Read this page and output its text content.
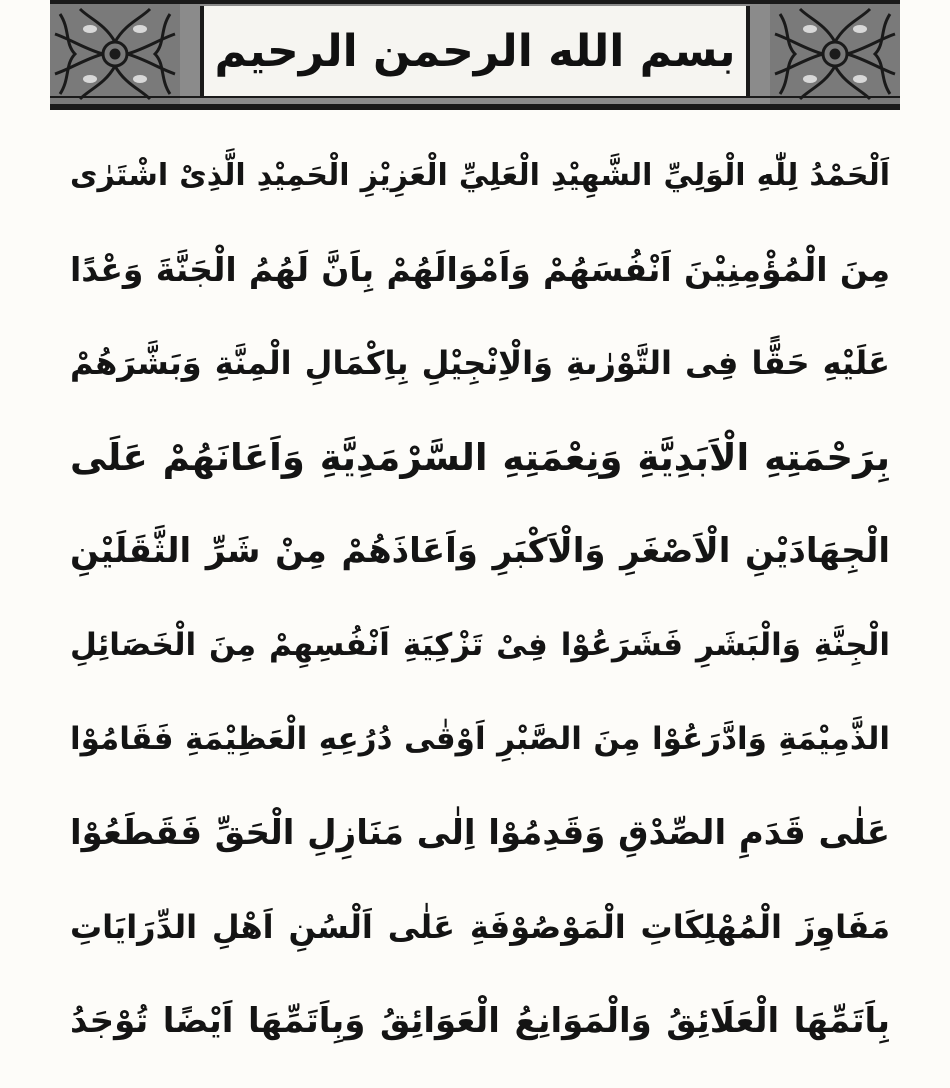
بسم الله الرحمن الرحيم
اَلْحَمْدُ لِلّٰهِ الْوَلِيِّ الشَّهِيْدِ الْعَلِيِّ الْعَزِيْزِ الْحَمِيْدِ الَّذِیْ اشْتَرٰی
مِنَ الْمُؤْمِنِيْنَ اَنْفُسَهُمْ وَاَمْوَالَهُمْ بِاَنَّ لَهُمُ الْجَنَّةَ وَعْدًا
عَلَيْهِ حَقًّا فِی التَّوْرٰىةِ وَالْاِنْجِيْلِ بِاِكْمَالِ الْمِنَّةِ وَبَشَّرَهُمْ
بِرَحْمَتِهِ الْاَبَدِيَّةِ وَنِعْمَتِهِ السَّرْمَدِيَّةِ وَاَعَانَهُمْ عَلَى
الْجِهَادَيْنِ الْاَصْغَرِ وَالْاَكْبَرِ وَاَعَاذَهُمْ مِنْ شَرِّ الثَّقَلَيْنِ
الْجِنَّةِ وَالْبَشَرِ فَشَرَعُوْا فِیْ تَزْكِيَةِ اَنْفُسِهِمْ مِنَ الْخَصَائِلِ
الذَّمِيْمَةِ وَادَّرَعُوْا مِنَ الصَّبْرِ اَوْقٰی دُرُعِهِ الْعَظِيْمَةِ فَقَامُوْا
عَلٰی قَدَمِ الصِّدْقِ وَقَدِمُوْا اِلٰی مَنَازِلِ الْحَقِّ فَقَطَعُوْا
مَفَاوِزَ الْمُهْلِكَاتِ الْمَوْصُوْفَةِ عَلٰی اَلْسُنِ اَهْلِ الدِّرَايَاتِ
بِاَتَمِّهَا الْعَلَائِقُ وَالْمَوَانِعُ الْعَوَائِقُ وَبِاَتَمِّهَا اَيْضًا تُوْجَدُ
